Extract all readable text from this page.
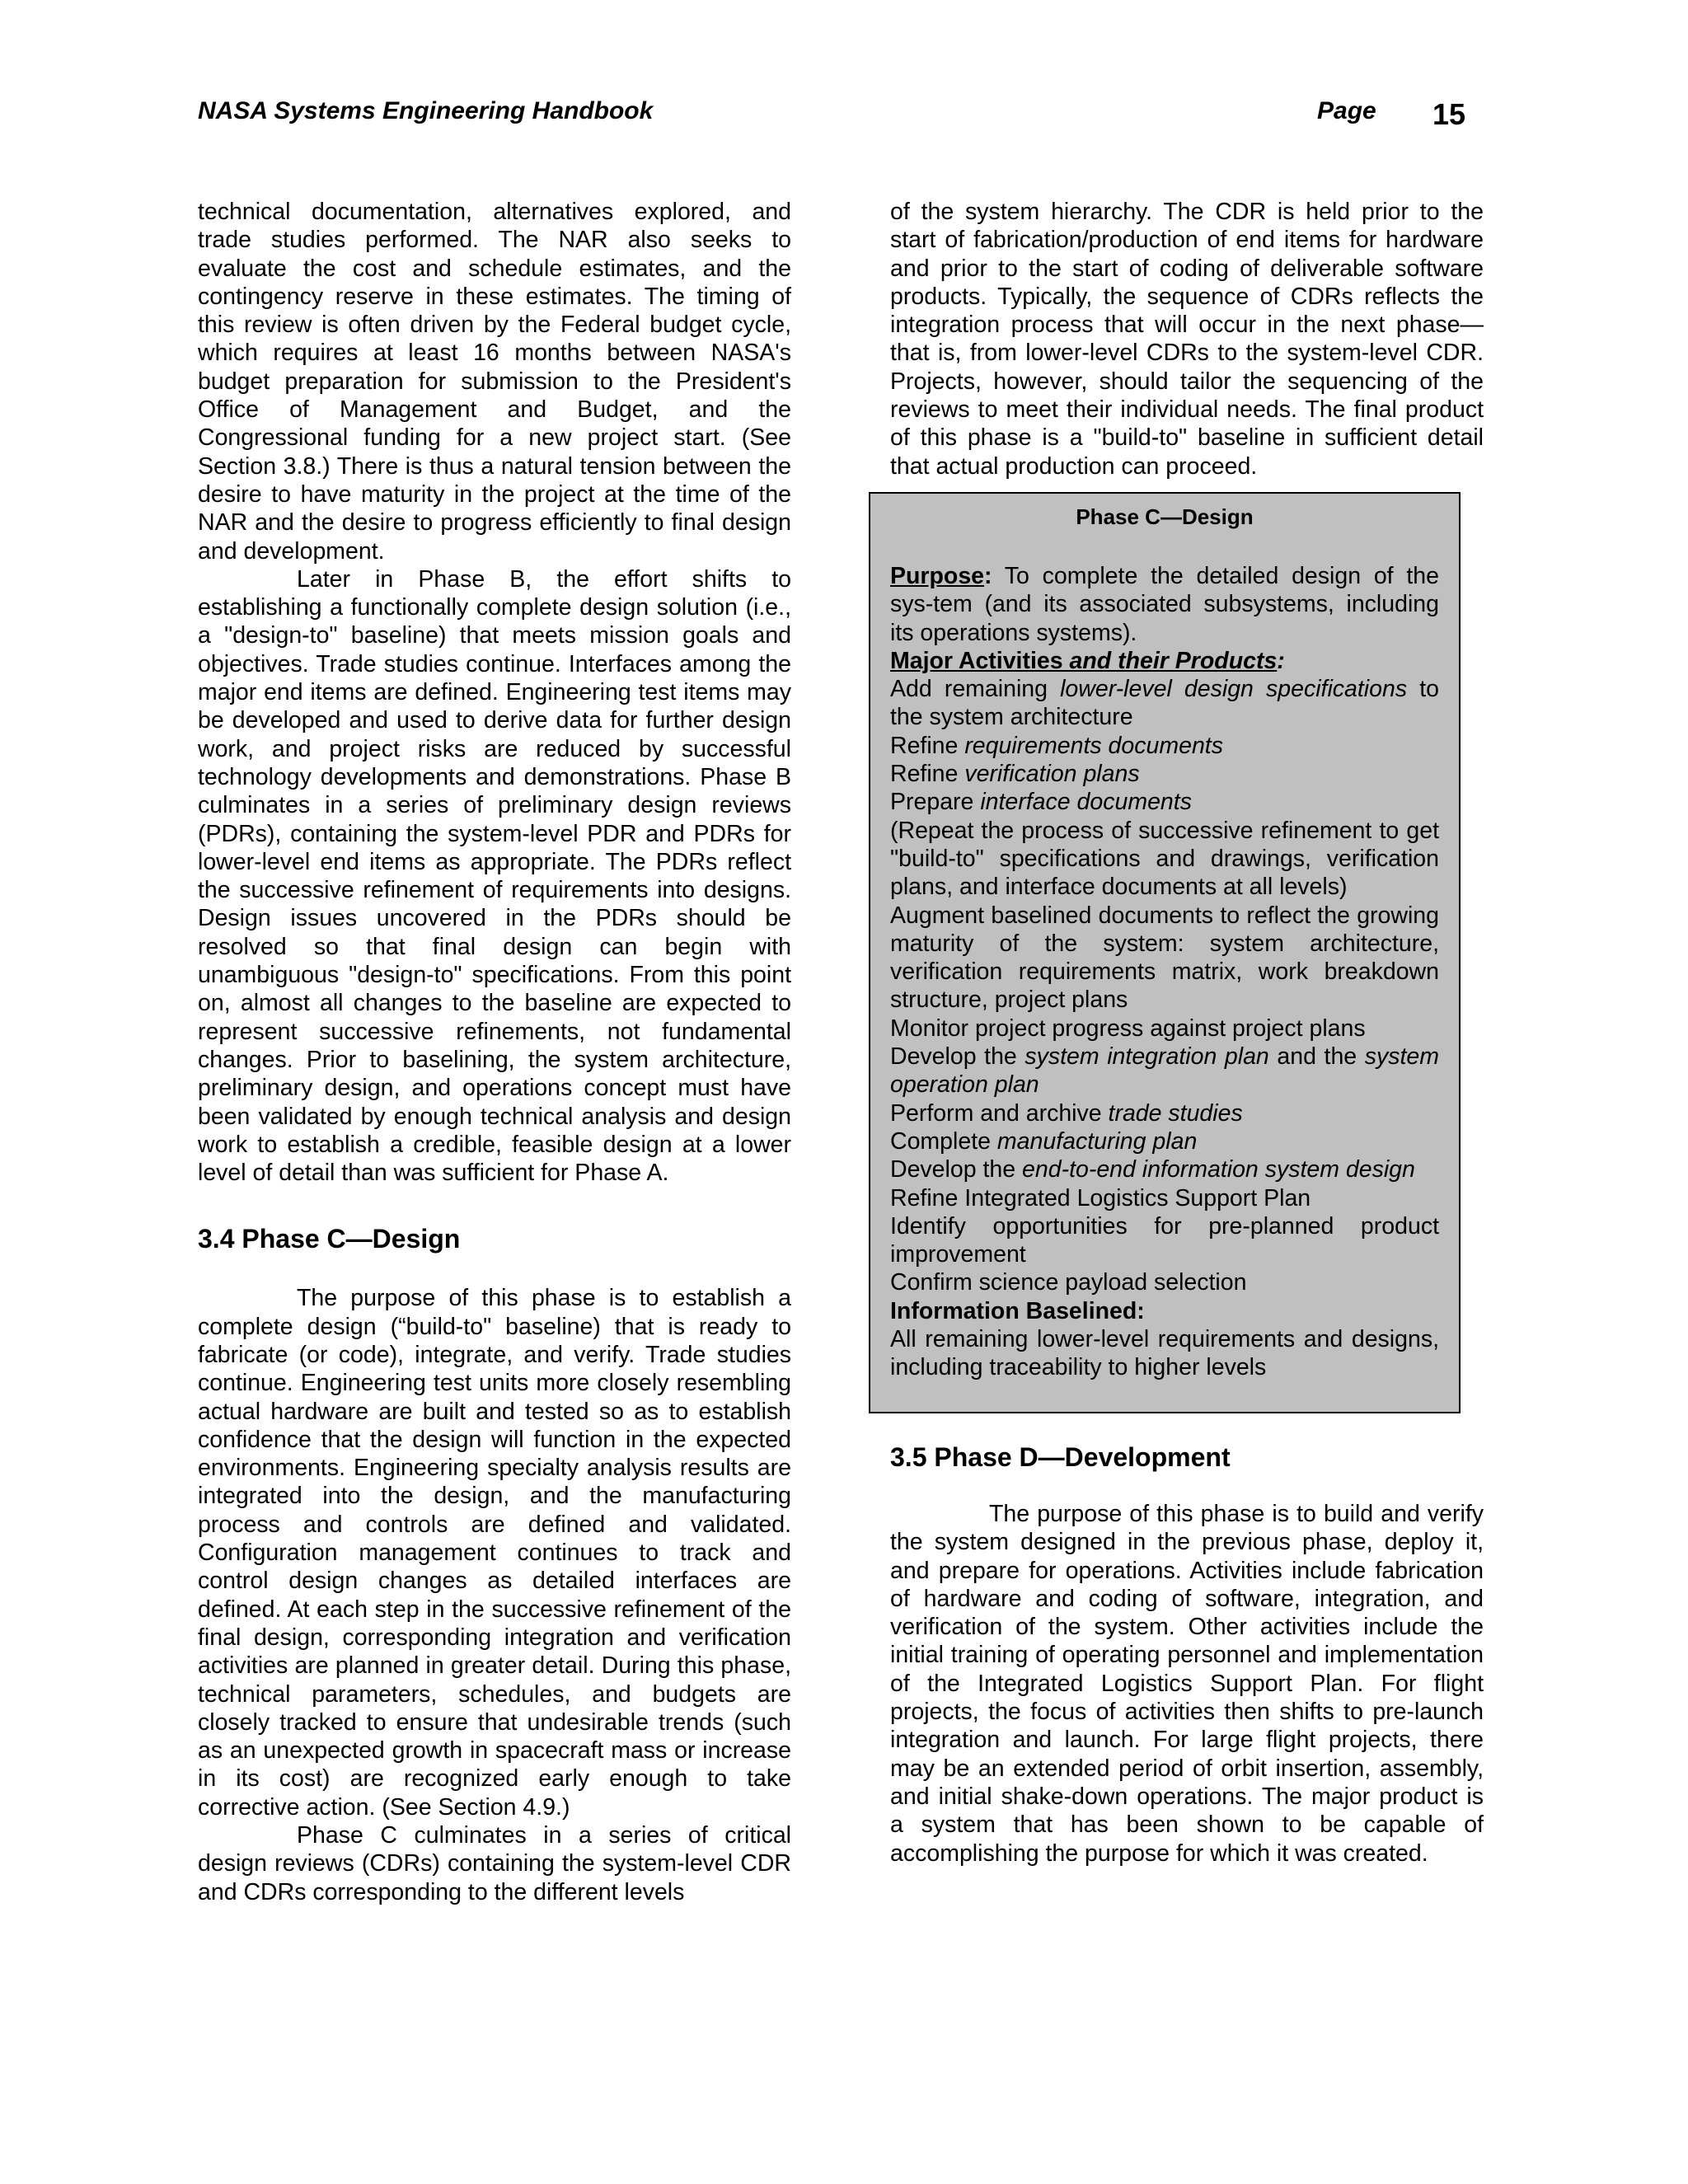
NASA Systems Engineering Handbook	Page 15

technical documentation, alternatives explored, and trade studies performed. The NAR also seeks to evaluate the cost and schedule estimates, and the contingency reserve in these estimates. The timing of this review is often driven by the Federal budget cycle, which requires at least 16 months between NASA's budget preparation for submission to the President's Office of Management and Budget, and the Congressional funding for a new project start. (See Section 3.8.) There is thus a natural tension between the desire to have maturity in the project at the time of the NAR and the desire to progress efficiently to final design and development.

Later in Phase B, the effort shifts to establishing a functionally complete design solution (i.e., a "design-to" baseline) that meets mission goals and objectives. Trade studies continue. Interfaces among the major end items are defined. Engineering test items may be developed and used to derive data for further design work, and project risks are reduced by successful technology developments and demonstrations. Phase B culminates in a series of preliminary design reviews (PDRs), containing the system-level PDR and PDRs for lower-level end items as appropriate. The PDRs reflect the successive refinement of requirements into designs. Design issues uncovered in the PDRs should be resolved so that final design can begin with unambiguous "design-to" specifications. From this point on, almost all changes to the baseline are expected to represent successive refinements, not fundamental changes. Prior to baselining, the system architecture, preliminary design, and operations concept must have been validated by enough technical analysis and design work to establish a credible, feasible design at a lower level of detail than was sufficient for Phase A.

3.4 Phase C—Design

The purpose of this phase is to establish a complete design (“build-to" baseline) that is ready to fabricate (or code), integrate, and verify. Trade studies continue. Engineering test units more closely resembling actual hardware are built and tested so as to establish confidence that the design will function in the expected environments. Engineering specialty analysis results are integrated into the design, and the manufacturing process and controls are defined and validated. Configuration management continues to track and control design changes as detailed interfaces are defined. At each step in the successive refinement of the final design, corresponding integration and verification activities are planned in greater detail. During this phase, technical parameters, schedules, and budgets are closely tracked to ensure that undesirable trends (such as an unexpected growth in spacecraft mass or increase in its cost) are recognized early enough to take corrective action. (See Section 4.9.)

Phase C culminates in a series of critical design reviews (CDRs) containing the system-level CDR and CDRs corresponding to the different levels

of the system hierarchy. The CDR is held prior to the start of fabrication/production of end items for hardware and prior to the start of coding of deliverable software products. Typically, the sequence of CDRs reflects the integration process that will occur in the next phase— that is, from lower-level CDRs to the system-level CDR. Projects, however, should tailor the sequencing of the reviews to meet their individual needs. The final product of this phase is a "build-to" baseline in sufficient detail that actual production can proceed.

Phase C—Design

Purpose: To complete the detailed design of the sys-tem (and its associated subsystems, including its operations systems).

Major Activities and their Products:

Add remaining lower-level design specifications to the system architecture

Refine requirements documents

Refine verification plans

Prepare interface documents

(Repeat the process of successive refinement to get "build-to" specifications and drawings, verification plans, and interface documents at all levels)

Augment baselined documents to reflect the growing maturity of the system: system architecture, verification requirements matrix, work breakdown structure, project plans

Monitor project progress against project plans

Develop the system integration plan and the system operation plan

Perform and archive trade studies

Complete manufacturing plan

Develop the end-to-end information system design

Refine Integrated Logistics Support Plan

Identify opportunities for pre-planned product improvement

Confirm science payload selection

Information Baselined:

All remaining lower-level requirements and designs, including traceability to higher levels

3.5 Phase D—Development

The purpose of this phase is to build and verify the system designed in the previous phase, deploy it, and prepare for operations. Activities include fabrication of hardware and coding of software, integration, and verification of the system. Other activities include the initial training of operating personnel and implementation of the Integrated Logistics Support Plan. For flight projects, the focus of activities then shifts to pre-launch integration and launch. For large flight projects, there may be an extended period of orbit insertion, assembly, and initial shake-down operations. The major product is a system that has been shown to be capable of accomplishing the purpose for which it was created.
